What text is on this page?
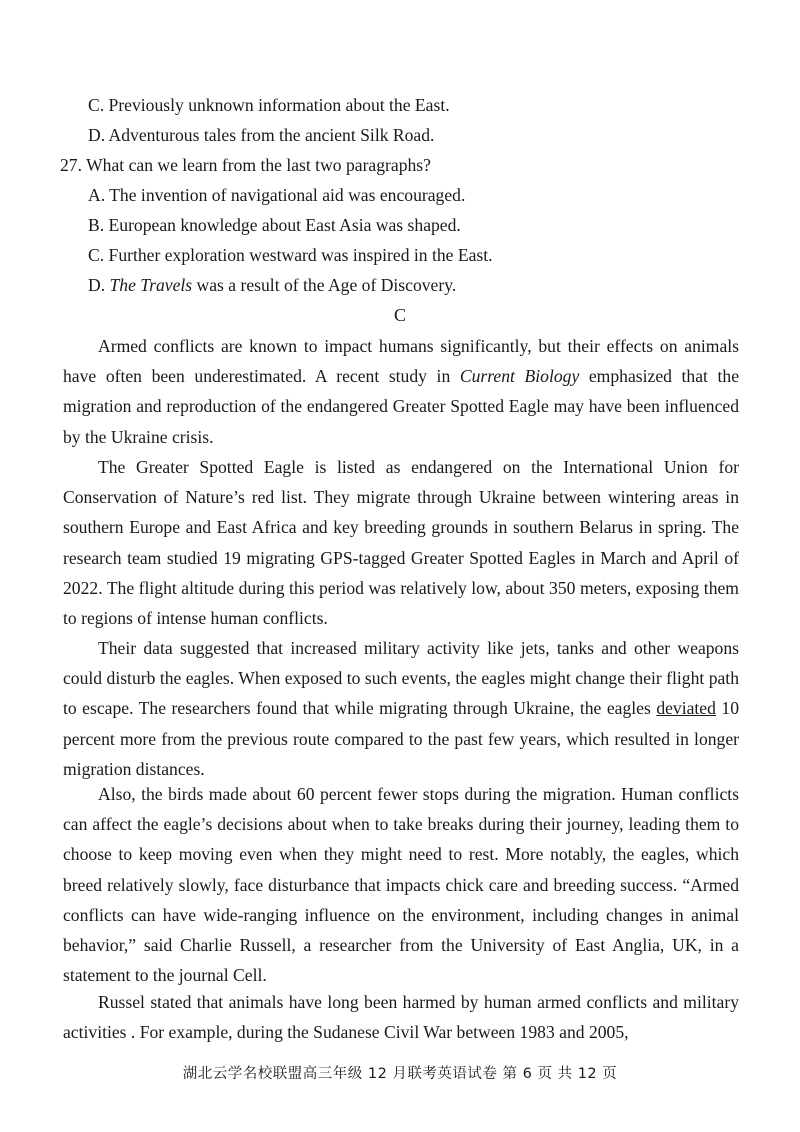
C. Previously unknown information about the East.
D. Adventurous tales from the ancient Silk Road.
27. What can we learn from the last two paragraphs?
A. The invention of navigational aid was encouraged.
B. European knowledge about East Asia was shaped.
C. Further exploration westward was inspired in the East.
D. The Travels was a result of the Age of Discovery.
C

Armed conflicts are known to impact humans significantly, but their effects on animals have often been underestimated. A recent study in Current Biology emphasized that the migration and reproduction of the endangered Greater Spotted Eagle may have been influenced by the Ukraine crisis.

The Greater Spotted Eagle is listed as endangered on the International Union for Conservation of Nature’s red list. They migrate through Ukraine between wintering areas in southern Europe and East Africa and key breeding grounds in southern Belarus in spring. The research team studied 19 migrating GPS-tagged Greater Spotted Eagles in March and April of 2022. The flight altitude during this period was relatively low, about 350 meters, exposing them to regions of intense human conflicts.

Their data suggested that increased military activity like jets, tanks and other weapons could disturb the eagles. When exposed to such events, the eagles might change their flight path to escape. The researchers found that while migrating through Ukraine, the eagles deviated 10 percent more from the previous route compared to the past few years, which resulted in longer migration distances.

Also, the birds made about 60 percent fewer stops during the migration. Human conflicts can affect the eagle’s decisions about when to take breaks during their journey, leading them to choose to keep moving even when they might need to rest. More notably, the eagles, which breed relatively slowly, face disturbance that impacts chick care and breeding success. “Armed conflicts can have wide-ranging influence on the environment, including changes in animal behavior,” said Charlie Russell, a researcher from the University of East Anglia, UK, in a statement to the journal Cell.

Russel stated that animals have long been harmed by human armed conflicts and military activities . For example, during the Sudanese Civil War between 1983 and 2005,

湖北云学名校联盟高三年级 12 月联考英语试卷 第 6 页 共 12 页
